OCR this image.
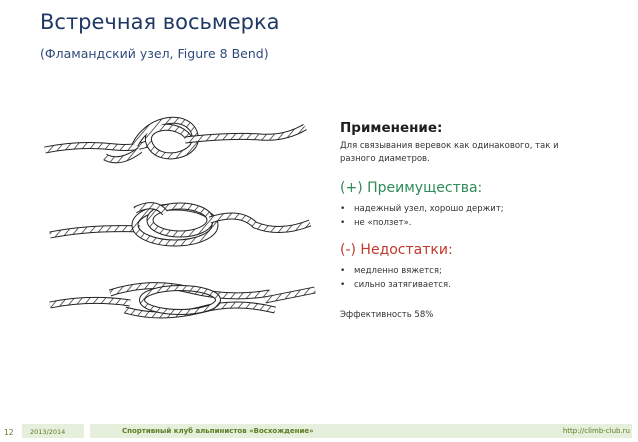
Встречная восьмерка
(Фламандский узел, Figure 8 Bend)
Применение:

Для связывания веревок как одинакового, так и
разного диаметров.

(+) Преимущества:
• надежный узел, хорошо держит;
• не «ползет».
(-) Недостатки:
• медленно вяжется;
• сильно затягивается.
Эффективность 58%
12	2013/2014	Спортивный клуб альпинистов «Восхождение»	http://climb-club.ru
